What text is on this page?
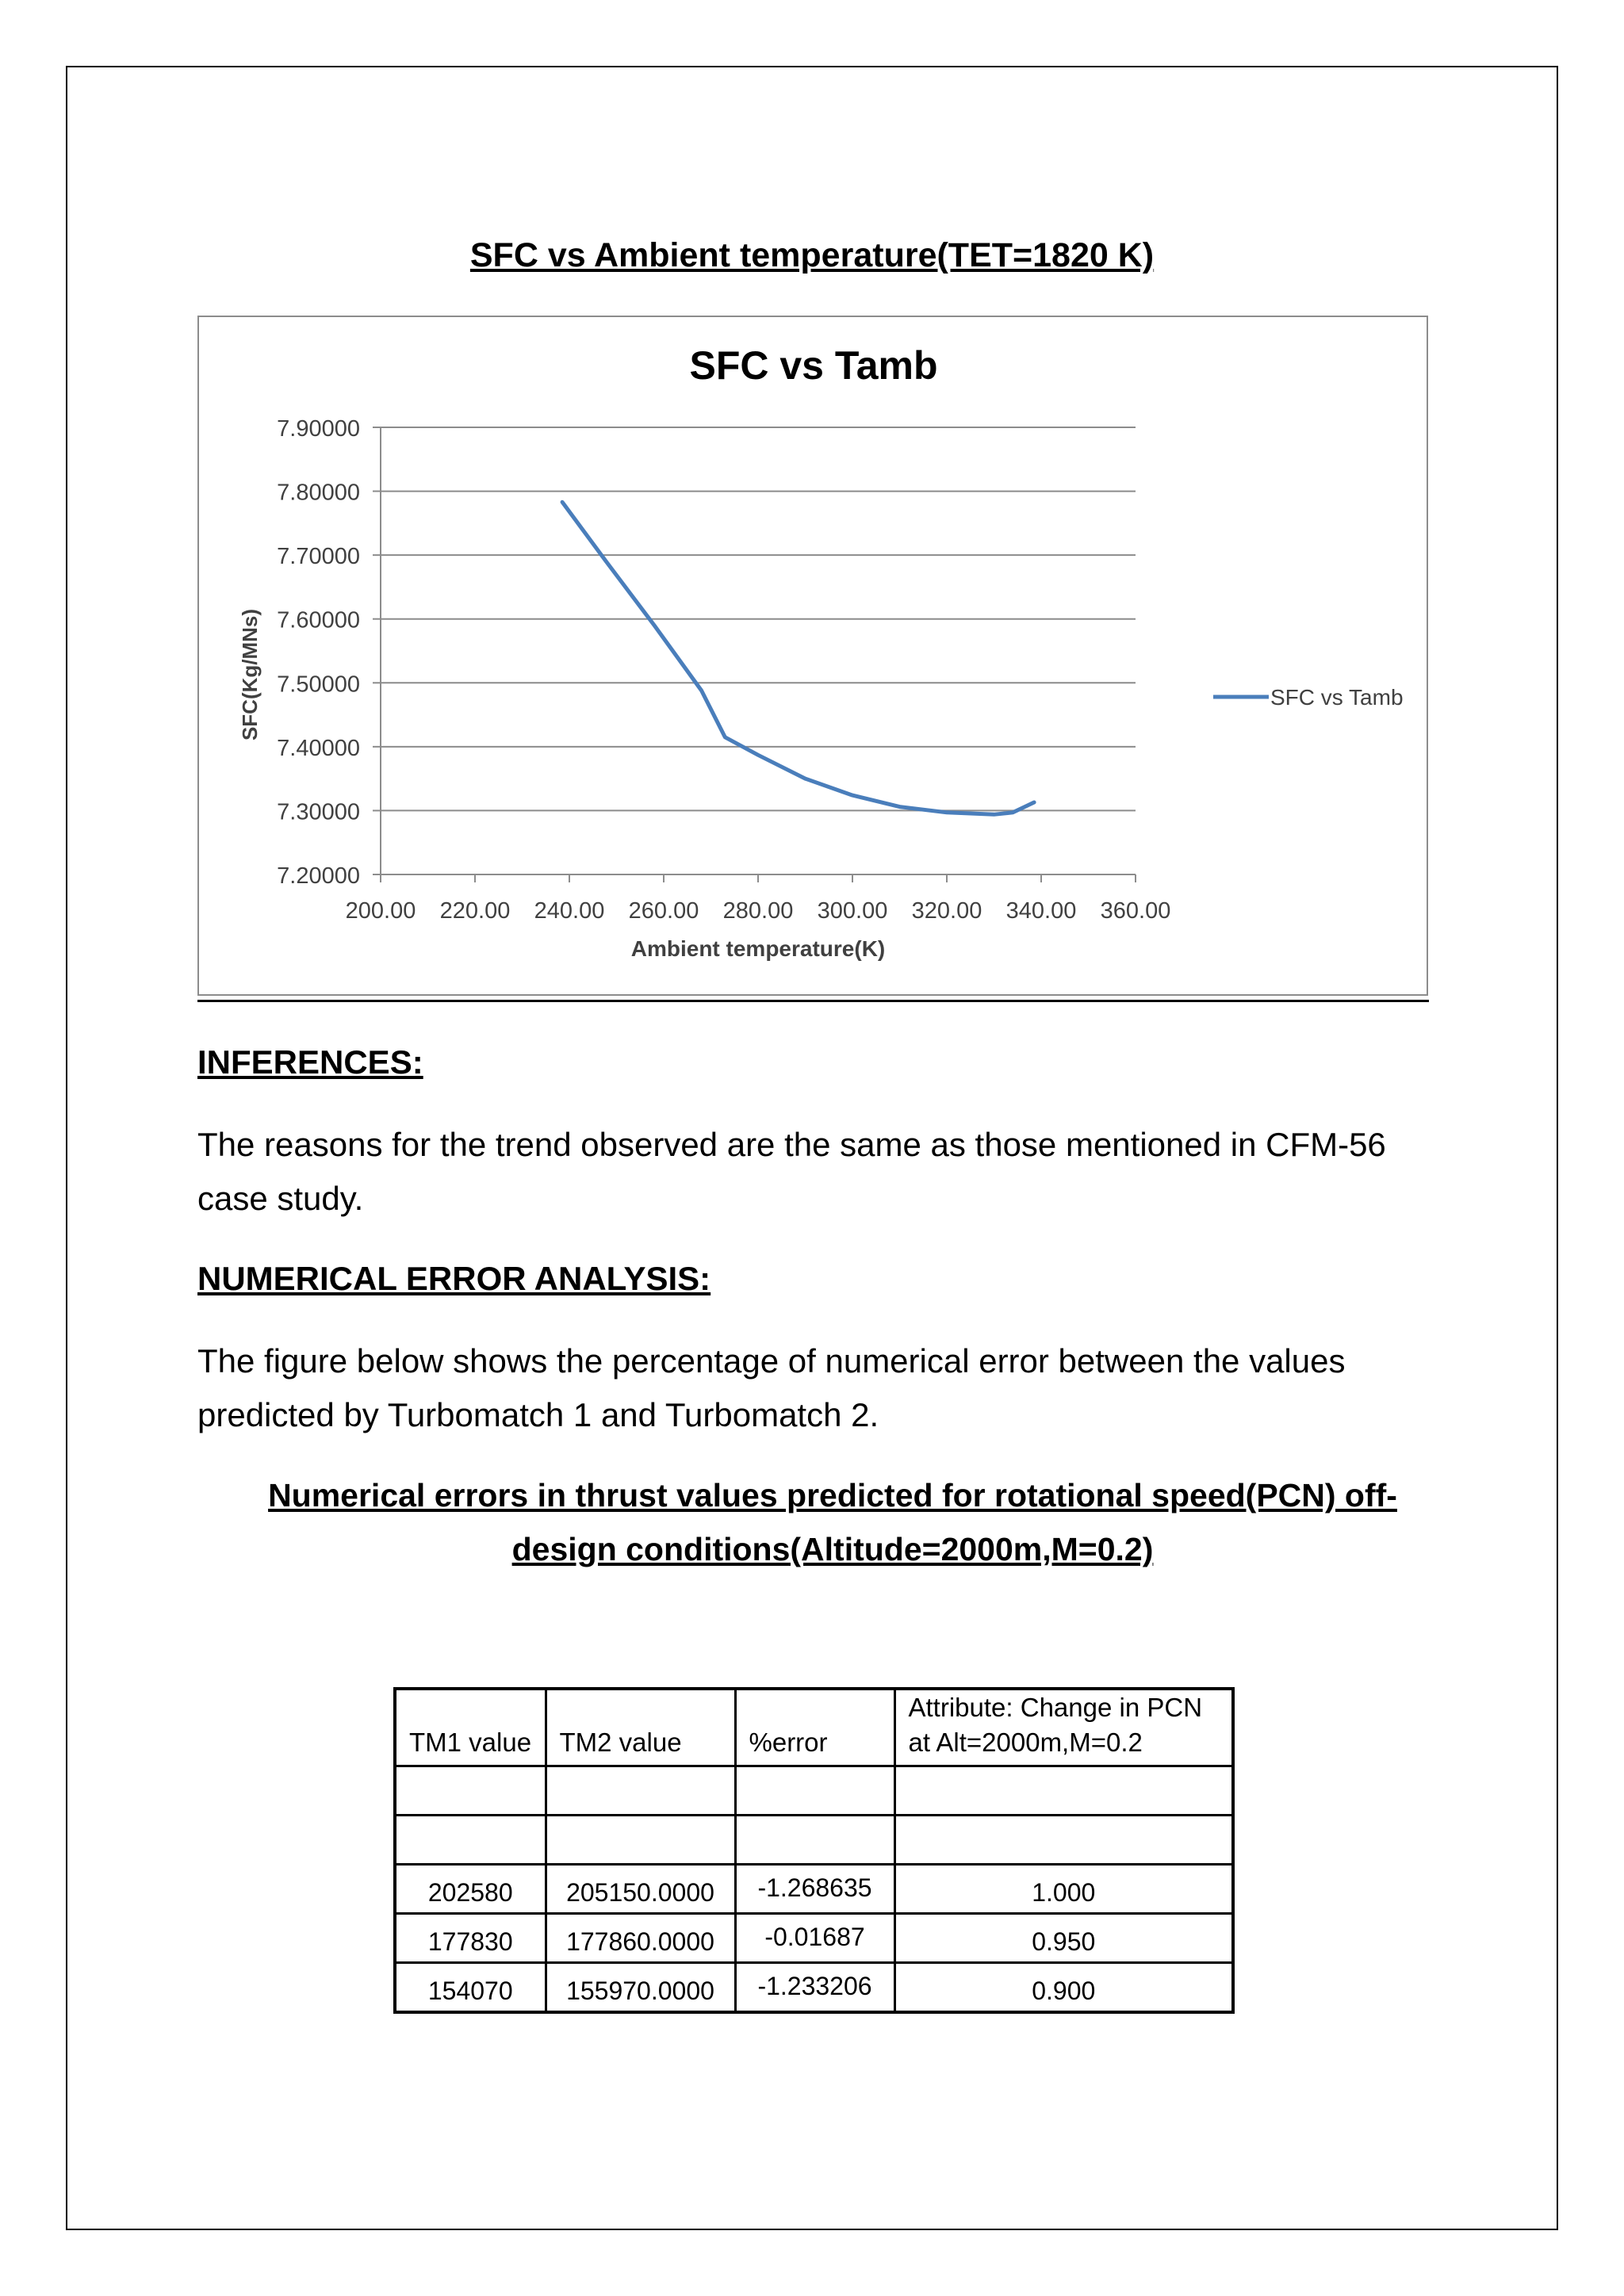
SFC vs Ambient temperature(TET=1820 K)
SFC vs Tamb
7.20000
7.30000
7.40000
7.50000
7.60000
7.70000
7.80000
7.90000
200.00 220.00 240.00 260.00 280.00 300.00 320.00 340.00 360.00
Ambient temperature(K)
SFC(Kg/MNs)	SFC vs Tamb
INFERENCES:

The reasons for the trend observed are the same as those mentioned in CFM-56 case study.

NUMERICAL ERROR ANALYSIS:

The figure below shows the percentage of numerical error between the values predicted by Turbomatch 1 and Turbomatch 2.

Numerical errors in thrust values predicted for rotational speed(PCN) off-design conditions(Altitude=2000m,M=0.2)

TM1 value	TM2 value	%error	Attribute: Change in PCN at Alt=2000m,M=0.2

202580	205150.0000	-1.268635	1.000
177830	177860.0000	-0.01687	0.950
154070	155970.0000	-1.233206	0.900
